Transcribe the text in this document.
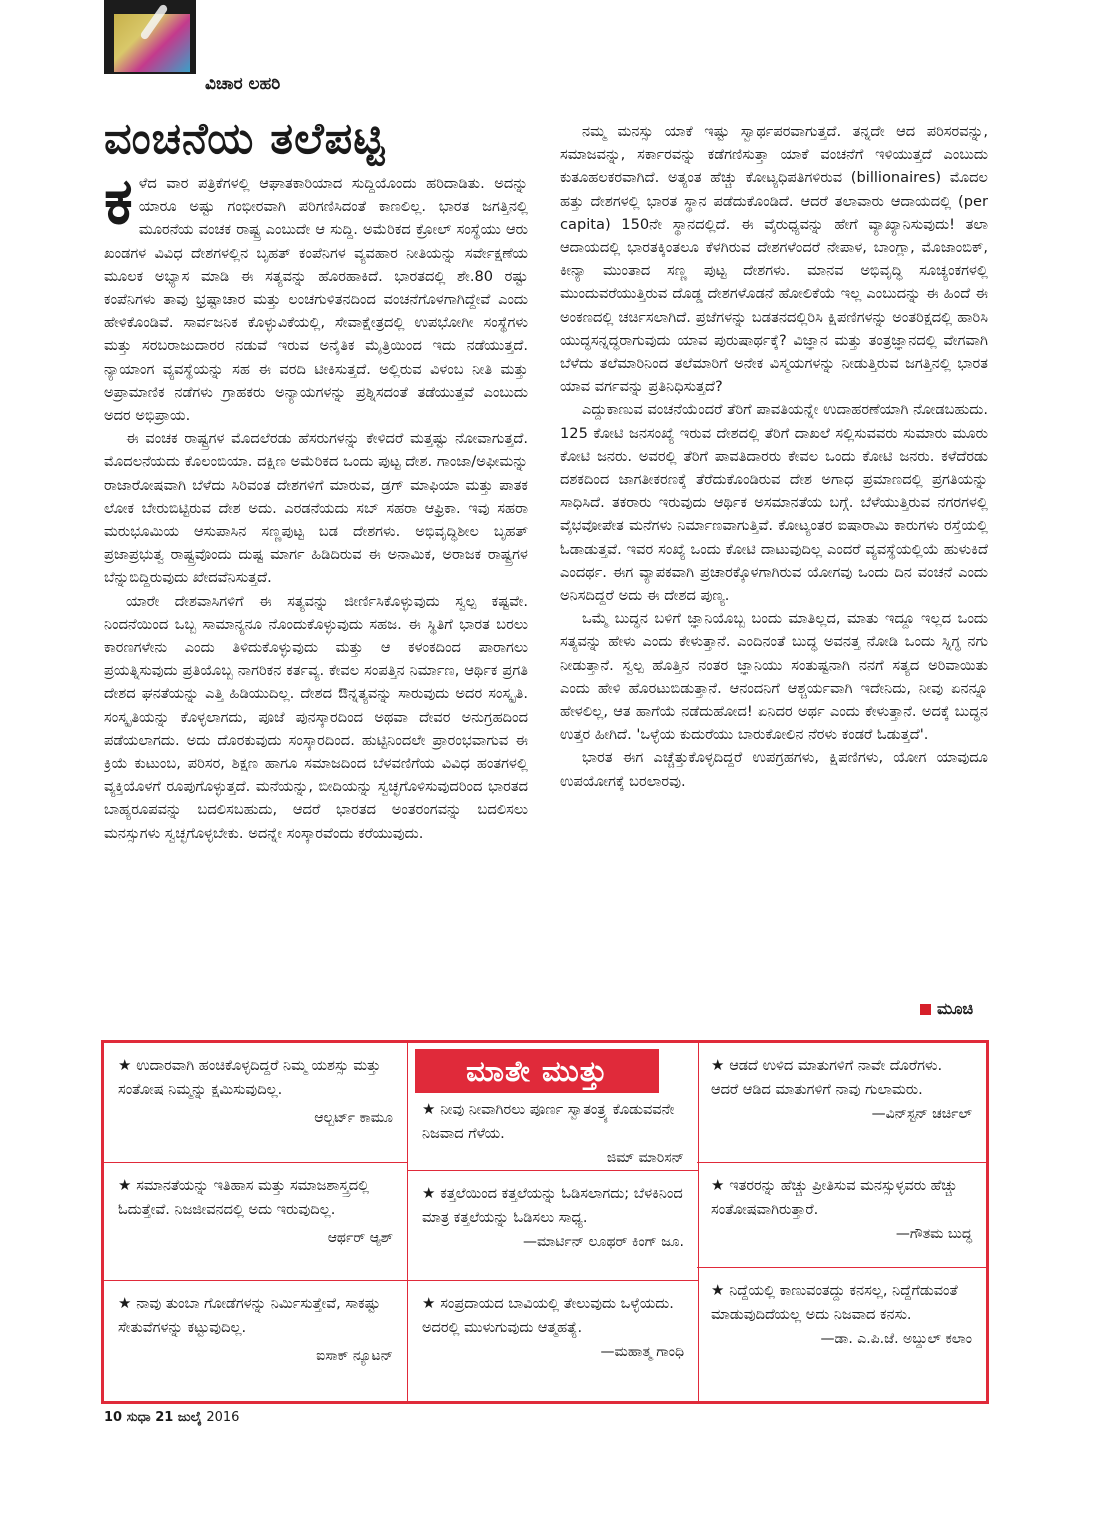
ವಿಚಾರ ಲಹರಿ
ವಂಚನೆಯ ತಲೆಪಟ್ಟಿ

ಕಳೆದ ವಾರ ಪತ್ರಿಕೆಗಳಲ್ಲಿ ಆಘಾತಕಾರಿಯಾದ ಸುದ್ದಿಯೊಂದು ಹರಿದಾಡಿತು. ಅದನ್ನು ಯಾರೂ ಅಷ್ಟು ಗಂಭೀರವಾಗಿ ಪರಿಗಣಿಸಿದಂತೆ ಕಾಣಲಿಲ್ಲ. ಭಾರತ ಜಗತ್ತಿನಲ್ಲಿ ಮೂರನೆಯ ವಂಚಕ ರಾಷ್ಟ್ರ ಎಂಬುದೇ ಆ ಸುದ್ದಿ. ಅಮೆರಿಕದ ಕ್ರೋಲ್ ಸಂಸ್ಥೆಯು ಆರು ಖಂಡಗಳ ವಿವಿಧ ದೇಶಗಳಲ್ಲಿನ ಬೃಹತ್ ಕಂಪೆನಿಗಳ ವ್ಯವಹಾರ ನೀತಿಯನ್ನು ಸರ್ವೇಕ್ಷಣೆಯ ಮೂಲಕ ಅಭ್ಯಾಸ ಮಾಡಿ ಈ ಸತ್ಯವನ್ನು ಹೊರಹಾಕಿದೆ. ಭಾರತದಲ್ಲಿ ಶೇ.80 ರಷ್ಟು ಕಂಪೆನಿಗಳು ತಾವು ಭ್ರಷ್ಟಾಚಾರ ಮತ್ತು ಲಂಚಗುಳಿತನದಿಂದ ವಂಚನೆಗೊಳಗಾಗಿದ್ದೇವೆ ಎಂದು ಹೇಳಿಕೊಂಡಿವೆ. ಸಾರ್ವಜನಿಕ ಕೊಳ್ಳುವಿಕೆಯಲ್ಲಿ, ಸೇವಾಕ್ಷೇತ್ರದಲ್ಲಿ ಉಪಭೋಗೀ ಸಂಸ್ಥೆಗಳು ಮತ್ತು ಸರಬರಾಜುದಾರರ ನಡುವೆ ಇರುವ ಅನೈತಿಕ ಮೈತ್ರಿಯಿಂದ ಇದು ನಡೆಯುತ್ತದೆ. ನ್ಯಾಯಾಂಗ ವ್ಯವಸ್ಥೆಯನ್ನು ಸಹ ಈ ವರದಿ ಟೀಕಿಸುತ್ತದೆ. ಅಲ್ಲಿರುವ ವಿಳಂಬ ನೀತಿ ಮತ್ತು ಅಪ್ರಾಮಾಣಿಕ ನಡೆಗಳು ಗ್ರಾಹಕರು ಅನ್ಯಾಯಗಳನ್ನು ಪ್ರಶ್ನಿಸದಂತೆ ತಡೆಯುತ್ತವೆ ಎಂಬುದು ಅದರ ಅಭಿಪ್ರಾಯ.

ಈ ವಂಚಕ ರಾಷ್ಟ್ರಗಳ ಮೊದಲೆರಡು ಹೆಸರುಗಳನ್ನು ಕೇಳಿದರೆ ಮತ್ತಷ್ಟು ನೋವಾಗುತ್ತದೆ. ಮೊದಲನೆಯದು ಕೊಲಂಬಿಯಾ. ದಕ್ಷಿಣ ಅಮೆರಿಕದ ಒಂದು ಪುಟ್ಟ ದೇಶ. ಗಾಂಜಾ/ಅಫೀಮನ್ನು ರಾಜಾರೋಷವಾಗಿ ಬೆಳೆದು ಸಿರಿವಂತ ದೇಶಗಳಿಗೆ ಮಾರುವ, ಡ್ರಗ್ ಮಾಫಿಯಾ ಮತ್ತು ಪಾತಕ ಲೋಕ ಬೇರುಬಿಟ್ಟಿರುವ ದೇಶ ಅದು. ಎರಡನೆಯದು ಸಬ್ ಸಹರಾ ಆಫ್ರಿಕಾ. ಇವು ಸಹರಾ ಮರುಭೂಮಿಯ ಆಸುಪಾಸಿನ ಸಣ್ಣಪುಟ್ಟ ಬಡ ದೇಶಗಳು. ಅಭಿವೃದ್ಧಿಶೀಲ ಬೃಹತ್ ಪ್ರಜಾಪ್ರಭುತ್ವ ರಾಷ್ಟ್ರವೊಂದು ದುಷ್ಟ ಮಾರ್ಗ ಹಿಡಿದಿರುವ ಈ ಅನಾಮಿಕ, ಅರಾಜಕ ರಾಷ್ಟ್ರಗಳ ಬೆನ್ನುಬಿದ್ದಿರುವುದು ಖೇದವೆನಿಸುತ್ತದೆ.

ಯಾರೇ ದೇಶವಾಸಿಗಳಿಗೆ ಈ ಸತ್ಯವನ್ನು ಜೀರ್ಣಿಸಿಕೊಳ್ಳುವುದು ಸ್ವಲ್ಪ ಕಷ್ಟವೇ. ನಿಂದನೆಯಿಂದ ಒಬ್ಬ ಸಾಮಾನ್ಯನೂ ನೊಂದುಕೊಳ್ಳುವುದು ಸಹಜ. ಈ ಸ್ಥಿತಿಗೆ ಭಾರತ ಬರಲು ಕಾರಣಗಳೇನು ಎಂದು ತಿಳಿದುಕೊಳ್ಳುವುದು ಮತ್ತು ಆ ಕಳಂಕದಿಂದ ಪಾರಾಗಲು ಪ್ರಯತ್ನಿಸುವುದು ಪ್ರತಿಯೊಬ್ಬ ನಾಗರಿಕನ ಕರ್ತವ್ಯ. ಕೇವಲ ಸಂಪತ್ತಿನ ನಿರ್ಮಾಣ, ಆರ್ಥಿಕ ಪ್ರಗತಿ ದೇಶದ ಘನತೆಯನ್ನು ಎತ್ತಿ ಹಿಡಿಯುದಿಲ್ಲ. ದೇಶದ ಔನ್ನತ್ಯವನ್ನು ಸಾರುವುದು ಅದರ ಸಂಸ್ಕೃತಿ. ಸಂಸ್ಕೃತಿಯನ್ನು ಕೊಳ್ಳಲಾಗದು, ಪೂಜೆ ಪುನಸ್ಕಾರದಿಂದ ಅಥವಾ ದೇವರ ಅನುಗ್ರಹದಿಂದ ಪಡೆಯಲಾಗದು. ಅದು ದೊರಕುವುದು ಸಂಸ್ಕಾರದಿಂದ. ಹುಟ್ಟಿನಿಂದಲೇ ಪ್ರಾರಂಭವಾಗುವ ಈ ಕ್ರಿಯೆ ಕುಟುಂಬ, ಪರಿಸರ, ಶಿಕ್ಷಣ ಹಾಗೂ ಸಮಾಜದಿಂದ ಬೆಳವಣಿಗೆಯ ವಿವಿಧ ಹಂತಗಳಲ್ಲಿ ವ್ಯಕ್ತಿಯೊಳಗೆ ರೂಪುಗೊಳ್ಳುತ್ತದೆ. ಮನೆಯನ್ನು, ಬೀದಿಯನ್ನು ಸ್ವಚ್ಛಗೊಳಿಸುವುದರಿಂದ ಭಾರತದ ಬಾಹ್ಯರೂಪವನ್ನು ಬದಲಿಸಬಹುದು, ಆದರೆ ಭಾರತದ ಅಂತರಂಗವನ್ನು ಬದಲಿಸಲು ಮನಸ್ಸುಗಳು ಸ್ವಚ್ಛಗೊಳ್ಳಬೇಕು. ಅದನ್ನೇ ಸಂಸ್ಕಾರವೆಂದು ಕರೆಯುವುದು.

ನಮ್ಮ ಮನಸ್ಸು ಯಾಕೆ ಇಷ್ಟು ಸ್ವಾರ್ಥಪರವಾಗುತ್ತದೆ. ತನ್ನದೇ ಆದ ಪರಿಸರವನ್ನು, ಸಮಾಜವನ್ನು, ಸರ್ಕಾರವನ್ನು ಕಡೆಗಣಿಸುತ್ತಾ ಯಾಕೆ ವಂಚನೆಗೆ ಇಳಿಯುತ್ತದೆ ಎಂಬುದು ಕುತೂಹಲಕರವಾಗಿದೆ. ಅತ್ಯಂತ ಹೆಚ್ಚು ಕೋಟ್ಯಧಿಪತಿಗಳಿರುವ (billionaires) ಮೊದಲ ಹತ್ತು ದೇಶಗಳಲ್ಲಿ ಭಾರತ ಸ್ಥಾನ ಪಡೆದುಕೊಂಡಿದೆ. ಆದರೆ ತಲಾವಾರು ಆದಾಯದಲ್ಲಿ (per capita) 150ನೇ ಸ್ಥಾನದಲ್ಲಿದೆ. ಈ ವೈರುಧ್ಯವನ್ನು ಹೇಗೆ ವ್ಯಾಖ್ಯಾನಿಸುವುದು! ತಲಾ ಆದಾಯದಲ್ಲಿ ಭಾರತಕ್ಕಿಂತಲೂ ಕೆಳಗಿರುವ ದೇಶಗಳೆಂದರೆ ನೇಪಾಳ, ಬಾಂಗ್ಲಾ, ಮೊಜಾಂಬಿಕ್, ಕೀನ್ಯಾ ಮುಂತಾದ ಸಣ್ಣ ಪುಟ್ಟ ದೇಶಗಳು. ಮಾನವ ಅಭಿವೃದ್ಧಿ ಸೂಚ್ಯಂಕಗಳಲ್ಲಿ ಮುಂದುವರೆಯುತ್ತಿರುವ ದೊಡ್ಡ ದೇಶಗಳೊಡನೆ ಹೋಲಿಕೆಯೆ ಇಲ್ಲ ಎಂಬುದನ್ನು ಈ ಹಿಂದೆ ಈ ಅಂಕಣದಲ್ಲಿ ಚರ್ಚಿಸಲಾಗಿದೆ. ಪ್ರಜೆಗಳನ್ನು ಬಡತನದಲ್ಲಿರಿಸಿ ಕ್ಷಿಪಣಿಗಳನ್ನು ಅಂತರಿಕ್ಷದಲ್ಲಿ ಹಾರಿಸಿ ಯುದ್ಧಸನ್ನದ್ಧರಾಗುವುದು ಯಾವ ಪುರುಷಾರ್ಥಕ್ಕೆ? ವಿಜ್ಞಾನ ಮತ್ತು ತಂತ್ರಜ್ಞಾನದಲ್ಲಿ ವೇಗವಾಗಿ ಬೆಳೆದು ತಲೆಮಾರಿನಿಂದ ತಲೆಮಾರಿಗೆ ಅನೇಕ ವಿಸ್ಮಯಗಳನ್ನು ನೀಡುತ್ತಿರುವ ಜಗತ್ತಿನಲ್ಲಿ ಭಾರತ ಯಾವ ವರ್ಗವನ್ನು ಪ್ರತಿನಿಧಿಸುತ್ತದೆ?

ಎದ್ದುಕಾಣುವ ವಂಚನೆಯೆಂದರೆ ತೆರಿಗೆ ಪಾವತಿಯನ್ನೇ ಉದಾಹರಣೆಯಾಗಿ ನೋಡಬಹುದು. 125 ಕೋಟಿ ಜನಸಂಖ್ಯೆ ಇರುವ ದೇಶದಲ್ಲಿ ತೆರಿಗೆ ದಾಖಲೆ ಸಲ್ಲಿಸುವವರು ಸುಮಾರು ಮೂರು ಕೋಟಿ ಜನರು. ಅವರಲ್ಲಿ ತೆರಿಗೆ ಪಾವತಿದಾರರು ಕೇವಲ ಒಂದು ಕೋಟಿ ಜನರು. ಕಳೆದೆರಡು ದಶಕದಿಂದ ಜಾಗತೀಕರಣಕ್ಕೆ ತೆರೆದುಕೊಂಡಿರುವ ದೇಶ ಅಗಾಧ ಪ್ರಮಾಣದಲ್ಲಿ ಪ್ರಗತಿಯನ್ನು ಸಾಧಿಸಿದೆ. ತಕರಾರು ಇರುವುದು ಆರ್ಥಿಕ ಅಸಮಾನತೆಯ ಬಗ್ಗೆ. ಬೆಳೆಯುತ್ತಿರುವ ನಗರಗಳಲ್ಲಿ ವೈಭವೋಪೇತ ಮನೆಗಳು ನಿರ್ಮಾಣವಾಗುತ್ತಿವೆ. ಕೋಟ್ಯಂತರ ಐಷಾರಾಮಿ ಕಾರುಗಳು ರಸ್ತೆಯಲ್ಲಿ ಓಡಾಡುತ್ತವೆ. ಇವರ ಸಂಖ್ಯೆ ಒಂದು ಕೋಟಿ ದಾಟುವುದಿಲ್ಲ ಎಂದರೆ ವ್ಯವಸ್ಥೆಯಲ್ಲಿಯೆ ಹುಳುಕಿದೆ ಎಂದರ್ಥ. ಈಗ ವ್ಯಾಪಕವಾಗಿ ಪ್ರಚಾರಕ್ಕೊಳಗಾಗಿರುವ ಯೋಗವು ಒಂದು ದಿನ ವಂಚನೆ ಎಂದು ಅನಿಸದಿದ್ದರೆ ಅದು ಈ ದೇಶದ ಪುಣ್ಯ.

ಒಮ್ಮೆ ಬುದ್ಧನ ಬಳಿಗೆ ಜ್ಞಾನಿಯೊಬ್ಬ ಬಂದು ಮಾತಿಲ್ಲದ, ಮಾತು ಇದ್ದೂ ಇಲ್ಲದ ಒಂದು ಸತ್ಯವನ್ನು ಹೇಳು ಎಂದು ಕೇಳುತ್ತಾನೆ. ಎಂದಿನಂತೆ ಬುದ್ಧ ಅವನತ್ತ ನೋಡಿ ಒಂದು ಸ್ನಿಗ್ಧ ನಗು ನೀಡುತ್ತಾನೆ. ಸ್ವಲ್ಪ ಹೊತ್ತಿನ ನಂತರ ಜ್ಞಾನಿಯು ಸಂತುಷ್ಟನಾಗಿ ನನಗೆ ಸತ್ಯದ ಅರಿವಾಯಿತು ಎಂದು ಹೇಳಿ ಹೊರಟುಬಿಡುತ್ತಾನೆ. ಆನಂದನಿಗೆ ಆಶ್ಚರ್ಯವಾಗಿ ಇದೇನಿದು, ನೀವು ಏನನ್ನೂ ಹೇಳಲಿಲ್ಲ, ಆತ ಹಾಗೆಯೆ ನಡೆದುಹೋದ! ಏನಿದರ ಅರ್ಥ ಎಂದು ಕೇಳುತ್ತಾನೆ. ಅದಕ್ಕೆ ಬುದ್ಧನ ಉತ್ತರ ಹೀಗಿದೆ. 'ಒಳ್ಳೆಯ ಕುದುರೆಯು ಬಾರುಕೋಲಿನ ನೆರಳು ಕಂಡರೆ ಓಡುತ್ತದೆ'.

ಭಾರತ ಈಗ ಎಚ್ಚೆತ್ತುಕೊಳ್ಳದಿದ್ದರೆ ಉಪಗ್ರಹಗಳು, ಕ್ಷಿಪಣಿಗಳು, ಯೋಗ ಯಾವುದೂ ಉಪಯೋಗಕ್ಕೆ ಬರಲಾರವು.

ಮೂಚಿ
★ ಉದಾರವಾಗಿ ಹಂಚಿಕೊಳ್ಳದಿದ್ದರೆ ನಿಮ್ಮ ಯಶಸ್ಸು ಮತ್ತು ಸಂತೋಷ ನಿಮ್ಮನ್ನು ಕ್ಷಮಿಸುವುದಿಲ್ಲ.
ಆಲ್ಬರ್ಟ್ ಕಾಮೂ
★ ಸಮಾನತೆಯನ್ನು ಇತಿಹಾಸ ಮತ್ತು ಸಮಾಜಶಾಸ್ತ್ರದಲ್ಲಿ ಓದುತ್ತೇವೆ. ನಿಜಜೀವನದಲ್ಲಿ ಅದು ಇರುವುದಿಲ್ಲ.
ಆರ್ಥರ್ ಆ್ಯಶ್
★ ನಾವು ತುಂಬಾ ಗೋಡೆಗಳನ್ನು ನಿರ್ಮಿಸುತ್ತೇವೆ, ಸಾಕಷ್ಟು ಸೇತುವೆಗಳನ್ನು ಕಟ್ಟುವುದಿಲ್ಲ.
ಐಸಾಕ್ ನ್ಯೂಟನ್
ಮಾತೇ ಮುತ್ತು
★ ನೀವು ನೀವಾಗಿರಲು ಪೂರ್ಣ ಸ್ವಾತಂತ್ರ್ಯ ಕೊಡುವವನೇ ನಿಜವಾದ ಗೆಳೆಯ.
ಜಿಮ್ ಮಾರಿಸನ್
★ ಕತ್ತಲೆಯಿಂದ ಕತ್ತಲೆಯನ್ನು ಓಡಿಸಲಾಗದು; ಬೆಳಕಿನಿಂದ ಮಾತ್ರ ಕತ್ತಲೆಯನ್ನು ಓಡಿಸಲು ಸಾಧ್ಯ.
—ಮಾರ್ಟಿನ್ ಲೂಥರ್ ಕಿಂಗ್ ಜೂ.
★ ಸಂಪ್ರದಾಯದ ಬಾವಿಯಲ್ಲಿ ತೇಲುವುದು ಒಳ್ಳೆಯದು. ಅದರಲ್ಲಿ ಮುಳುಗುವುದು ಆತ್ಮಹತ್ಯೆ.
—ಮಹಾತ್ಮ ಗಾಂಧಿ
★ ಆಡದೆ ಉಳಿದ ಮಾತುಗಳಿಗೆ ನಾವೇ ದೊರೆಗಳು. ಆದರೆ ಆಡಿದ ಮಾತುಗಳಿಗೆ ನಾವು ಗುಲಾಮರು.
—ವಿನ್‌ಸ್ಟನ್ ಚರ್ಚಿಲ್
★ ಇತರರನ್ನು ಹೆಚ್ಚು ಪ್ರೀತಿಸುವ ಮನಸ್ಸುಳ್ಳವರು ಹೆಚ್ಚು ಸಂತೋಷವಾಗಿರುತ್ತಾರೆ.
—ಗೌತಮ ಬುದ್ಧ
★ ನಿದ್ದೆಯಲ್ಲಿ ಕಾಣುವಂತದ್ದು ಕನಸಲ್ಲ, ನಿದ್ದೆಗೆಡುವಂತೆ ಮಾಡುವುದಿದೆಯಲ್ಲ ಅದು ನಿಜವಾದ ಕನಸು.
—ಡಾ. ಎ.ಪಿ.ಜೆ. ಅಬ್ದುಲ್ ಕಲಾಂ
10 ಸುಧಾ 21 ಜುಲೈ 2016
